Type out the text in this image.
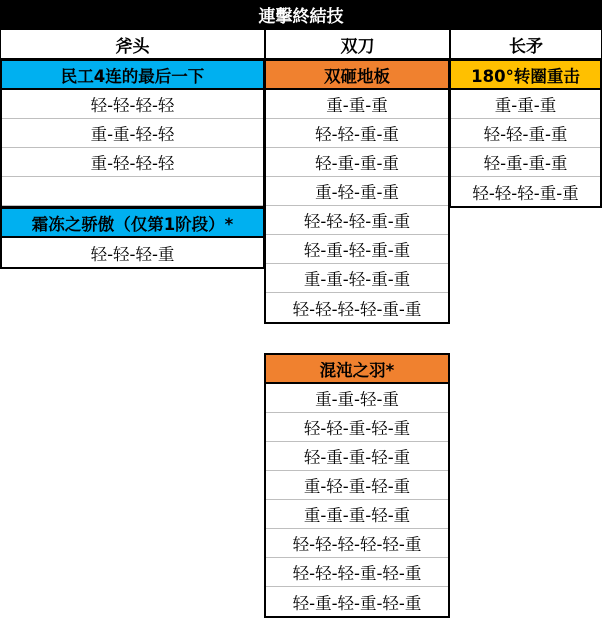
連擊終結技
斧头	双刀	长矛
民工4连的最后一下
轻-轻-轻-轻
重-重-轻-轻
重-轻-轻-轻
霜冻之骄傲（仅第1阶段）*
轻-轻-轻-重
双砸地板
重-重-重
轻-轻-重-重
轻-重-重-重
重-轻-重-重
轻-轻-轻-重-重
轻-重-轻-重-重
重-重-轻-重-重
轻-轻-轻-轻-重-重
混沌之羽*
重-重-轻-重
轻-轻-重-轻-重
轻-重-重-轻-重
重-轻-重-轻-重
重-重-重-轻-重
轻-轻-轻-轻-轻-重
轻-轻-轻-重-轻-重
轻-重-轻-重-轻-重
180°转圈重击
重-重-重
轻-轻-重-重
轻-重-重-重
轻-轻-轻-重-重
